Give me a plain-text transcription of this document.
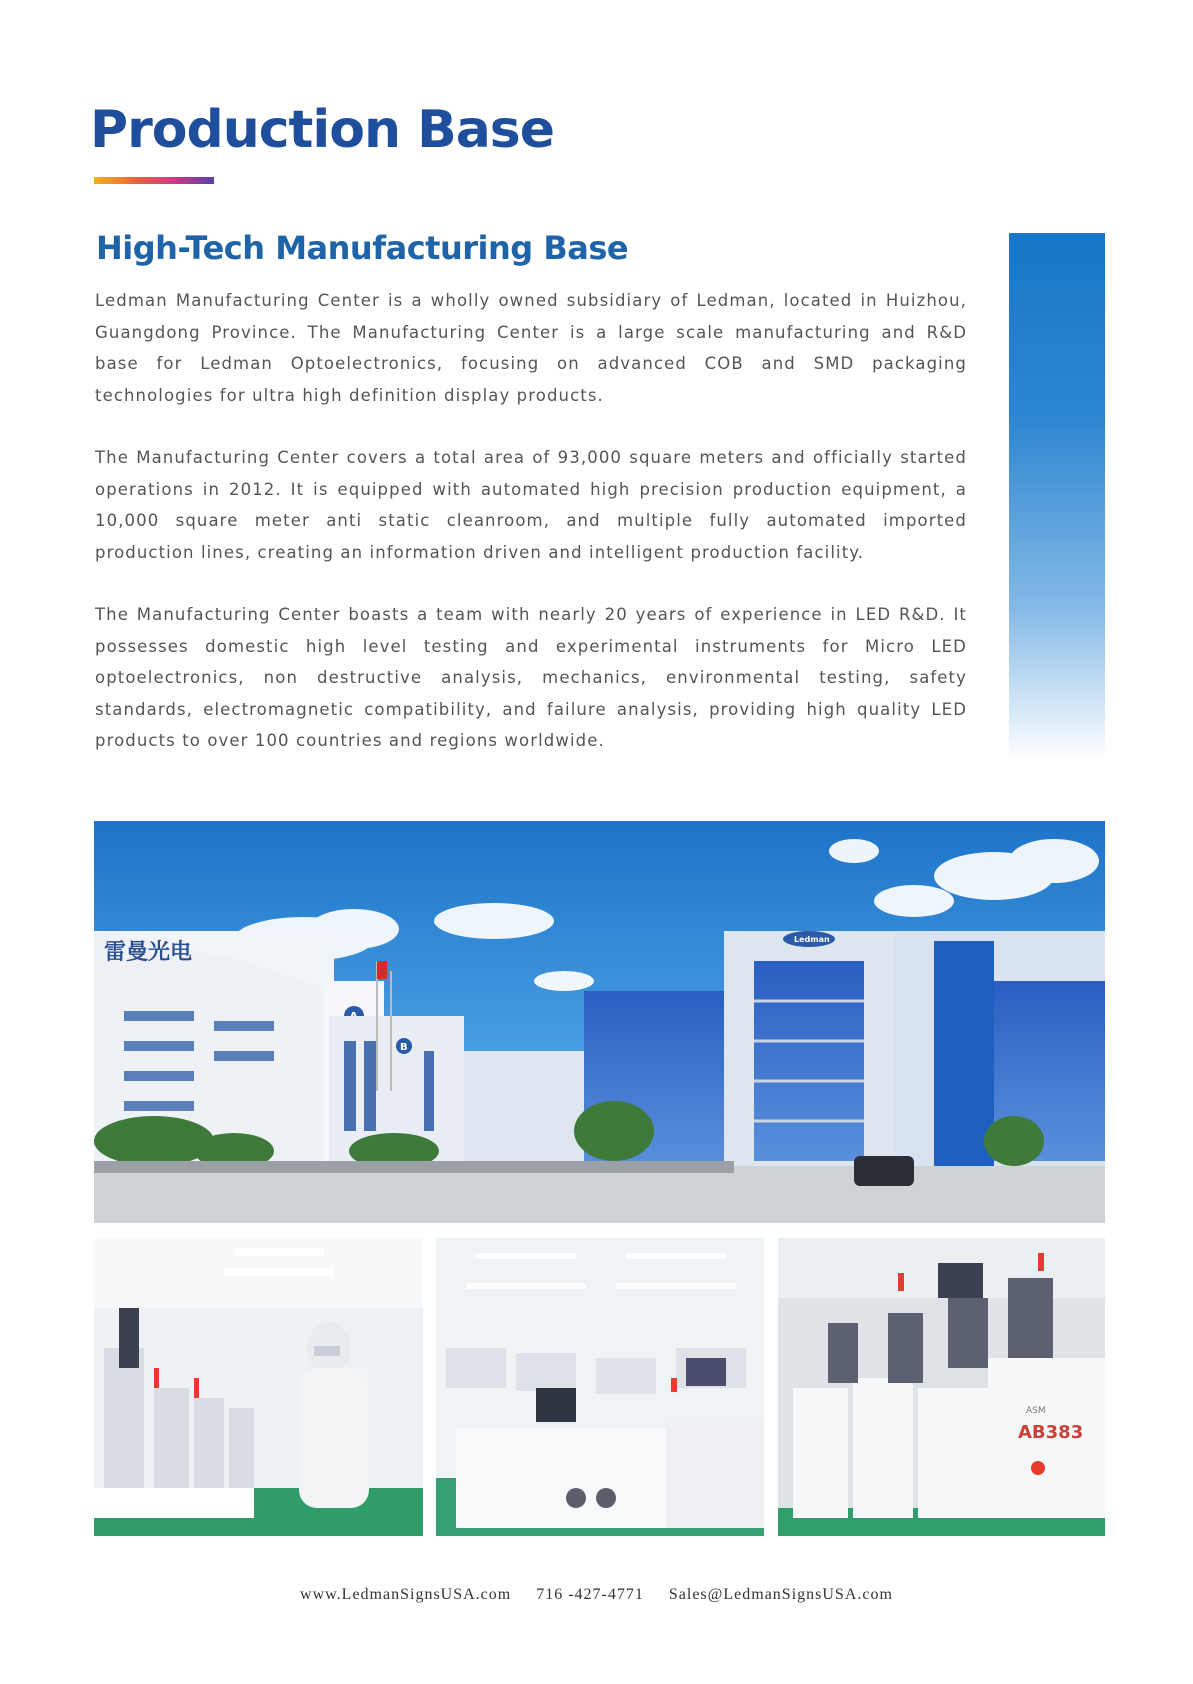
Production Base
High-Tech Manufacturing Base

Ledman Manufacturing Center is a wholly owned subsidiary of Ledman, located in Huizhou, Guangdong Province. The Manufacturing Center is a large scale manufacturing and R&D base for Ledman Optoelectronics, focusing on advanced COB and SMD packaging technologies for ultra high definition display products.

The Manufacturing Center covers a total area of 93,000 square meters and officially started operations in 2012. It is equipped with automated high precision production equipment, a 10,000 square meter anti static cleanroom, and multiple fully automated imported production lines, creating an information driven and intelligent production facility.

The Manufacturing Center boasts a team with nearly 20 years of experience in LED R&D. It possesses domestic high level testing and experimental instruments for Micro LED optoelectronics, non destructive analysis, mechanics, environmental testing, safety standards, electromagnetic compatibility, and failure analysis, providing high quality LED products to over 100 countries and regions worldwide.

雷曼光电
B
Ledman
ASM
AB383
www.LedmanSignsUSA.com 716 -427-4771 Sales@LedmanSignsUSA.com
